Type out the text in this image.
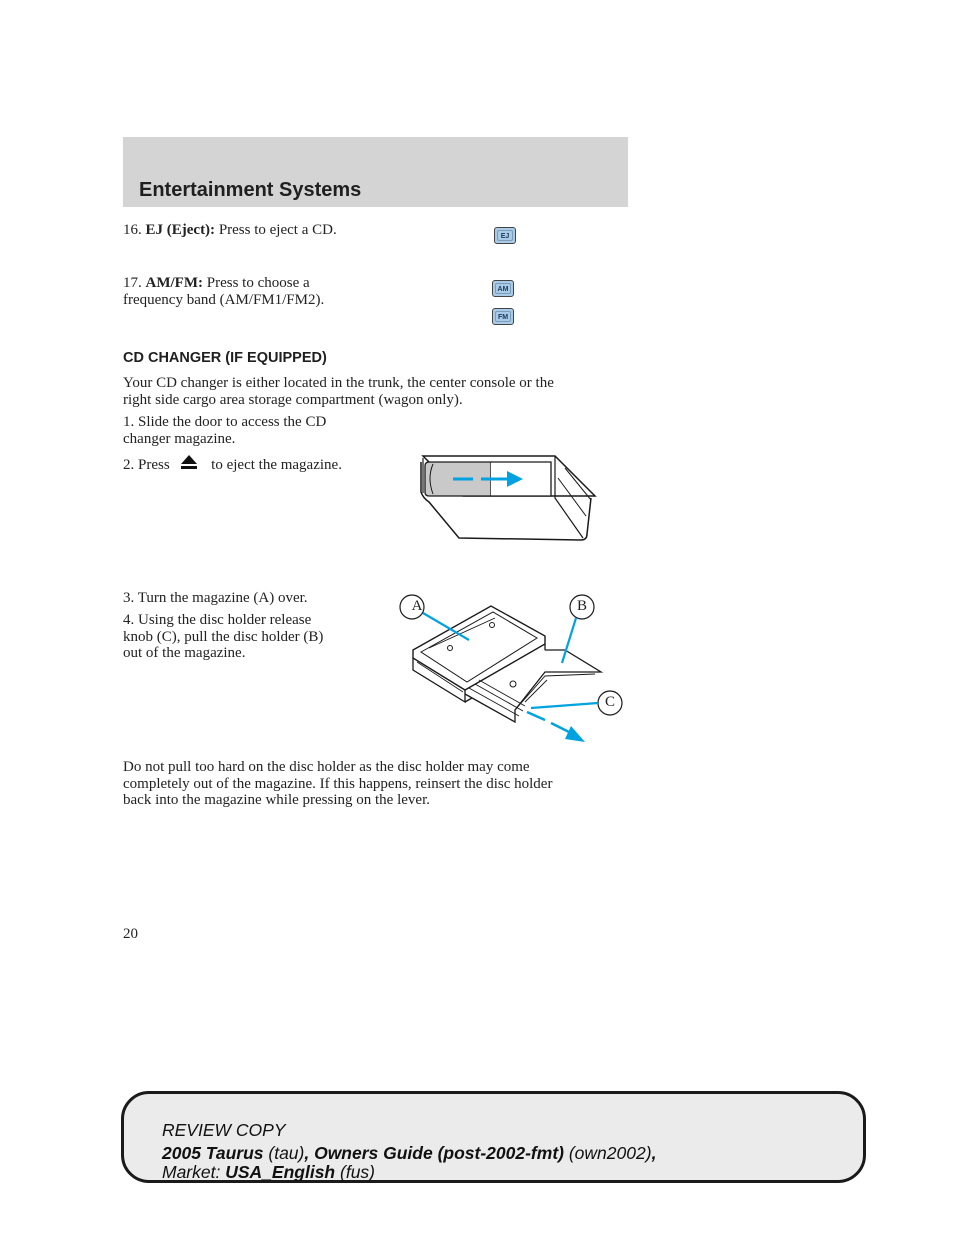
Entertainment Systems
16. EJ (Eject): Press to eject a CD.	EJ
17. AM/FM: Press to choose a
frequency band (AM/FM1/FM2).
AM
FM
CD CHANGER (IF EQUIPPED)
Your CD changer is either located in the trunk, the center console or the
right side cargo area storage compartment (wagon only).
1. Slide the door to access the CD
changer magazine.
2. Press	to eject the magazine.
3. Turn the magazine (A) over.
4. Using the disc holder release
knob (C), pull the disc holder (B)
out of the magazine.
A	B
C
Do not pull too hard on the disc holder as the disc holder may come
completely out of the magazine. If this happens, reinsert the disc holder
back into the magazine while pressing on the lever.
20
REVIEW COPY
2005 Taurus (tau), Owners Guide (post-2002-fmt) (own2002),
Market: USA_English (fus)
